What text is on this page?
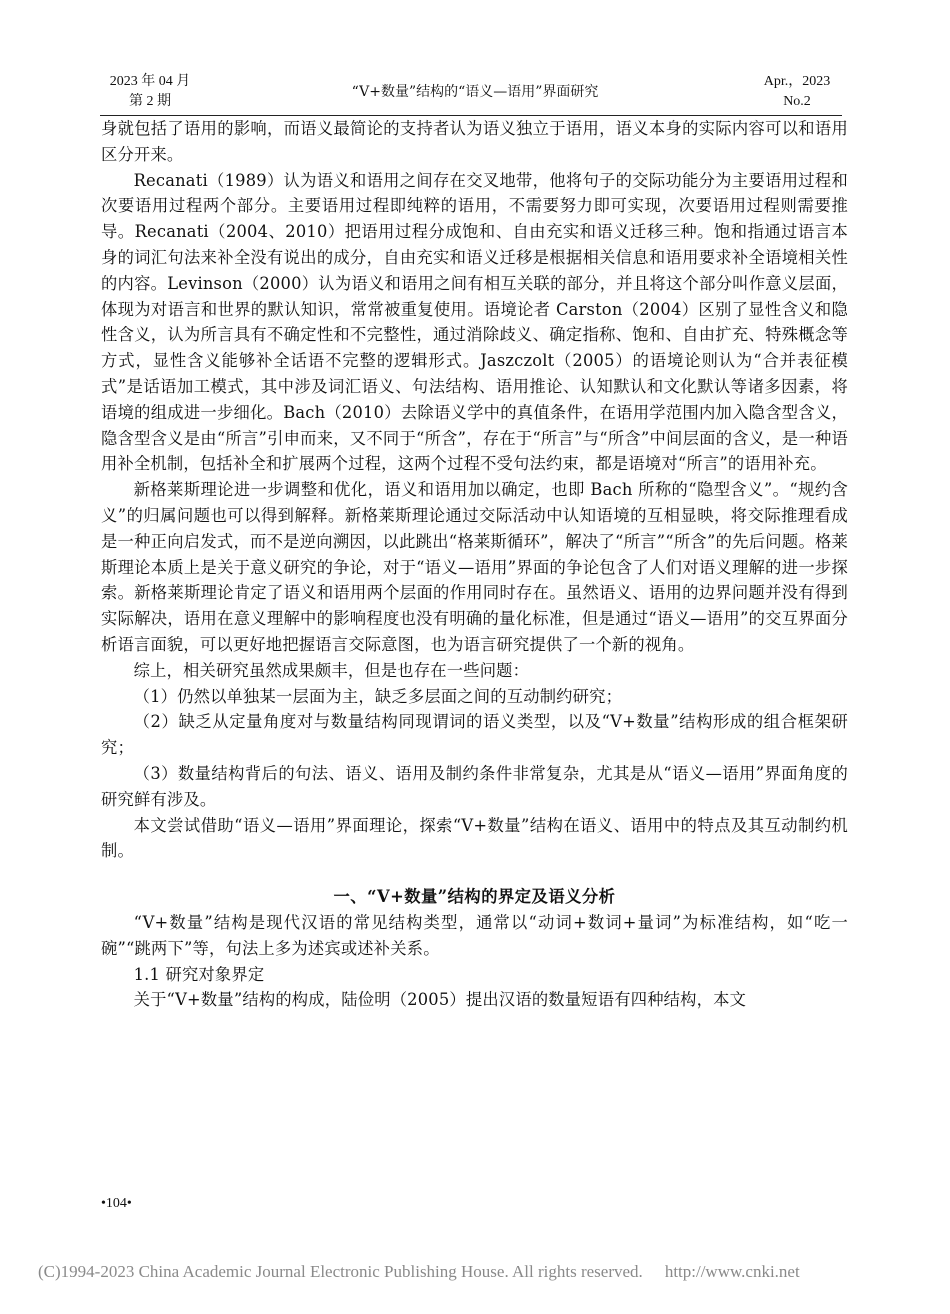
2023 年 04 月
第 2 期
“V+数量”结构的“语义—语用”界面研究
Apr.，2023
No.2

身就包括了语用的影响，而语义最简论的支持者认为语义独立于语用，语义本身的实际内容可以和语用区分开来。

Recanati（1989）认为语义和语用之间存在交叉地带，他将句子的交际功能分为主要语用过程和次要语用过程两个部分。主要语用过程即纯粹的语用，不需要努力即可实现，次要语用过程则需要推导。Recanati（2004、2010）把语用过程分成饱和、自由充实和语义迁移三种。饱和指通过语言本身的词汇句法来补全没有说出的成分，自由充实和语义迁移是根据相关信息和语用要求补全语境相关性的内容。Levinson（2000）认为语义和语用之间有相互关联的部分，并且将这个部分叫作意义层面，体现为对语言和世界的默认知识，常常被重复使用。语境论者 Carston（2004）区别了显性含义和隐性含义，认为所言具有不确定性和不完整性，通过消除歧义、确定指称、饱和、自由扩充、特殊概念等方式，显性含义能够补全话语不完整的逻辑形式。Jaszczolt（2005）的语境论则认为“合并表征模式”是话语加工模式，其中涉及词汇语义、句法结构、语用推论、认知默认和文化默认等诸多因素，将语境的组成进一步细化。Bach（2010）去除语义学中的真值条件，在语用学范围内加入隐含型含义，隐含型含义是由“所言”引申而来，又不同于“所含”，存在于“所言”与“所含”中间层面的含义，是一种语用补全机制，包括补全和扩展两个过程，这两个过程不受句法约束，都是语境对“所言”的语用补充。

新格莱斯理论进一步调整和优化，语义和语用加以确定，也即 Bach 所称的“隐型含义”。“规约含义”的归属问题也可以得到解释。新格莱斯理论通过交际活动中认知语境的互相显映，将交际推理看成是一种正向启发式，而不是逆向溯因，以此跳出“格莱斯循环”，解决了“所言”“所含”的先后问题。格莱斯理论本质上是关于意义研究的争论，对于“语义—语用”界面的争论包含了人们对语义理解的进一步探索。新格莱斯理论肯定了语义和语用两个层面的作用同时存在。虽然语义、语用的边界问题并没有得到实际解决，语用在意义理解中的影响程度也没有明确的量化标准，但是通过“语义—语用”的交互界面分析语言面貌，可以更好地把握语言交际意图，也为语言研究提供了一个新的视角。

综上，相关研究虽然成果颇丰，但是也存在一些问题：

（1）仍然以单独某一层面为主，缺乏多层面之间的互动制约研究；

（2）缺乏从定量角度对与数量结构同现谓词的语义类型，以及“V+数量”结构形成的组合框架研究；

（3）数量结构背后的句法、语义、语用及制约条件非常复杂，尤其是从“语义—语用”界面角度的研究鲜有涉及。

本文尝试借助“语义—语用”界面理论，探索“V+数量”结构在语义、语用中的特点及其互动制约机制。

一、“V+数量”结构的界定及语义分析

“V+数量”结构是现代汉语的常见结构类型，通常以“动词+数词+量词”为标准结构，如“吃一碗”“跳两下”等，句法上多为述宾或述补关系。

1.1 研究对象界定

关于“V+数量”结构的构成，陆俭明（2005）提出汉语的数量短语有四种结构，本文

•104•
(C)1994-2023 China Academic Journal Electronic Publishing House. All rights reserved. http://www.cnki.net
